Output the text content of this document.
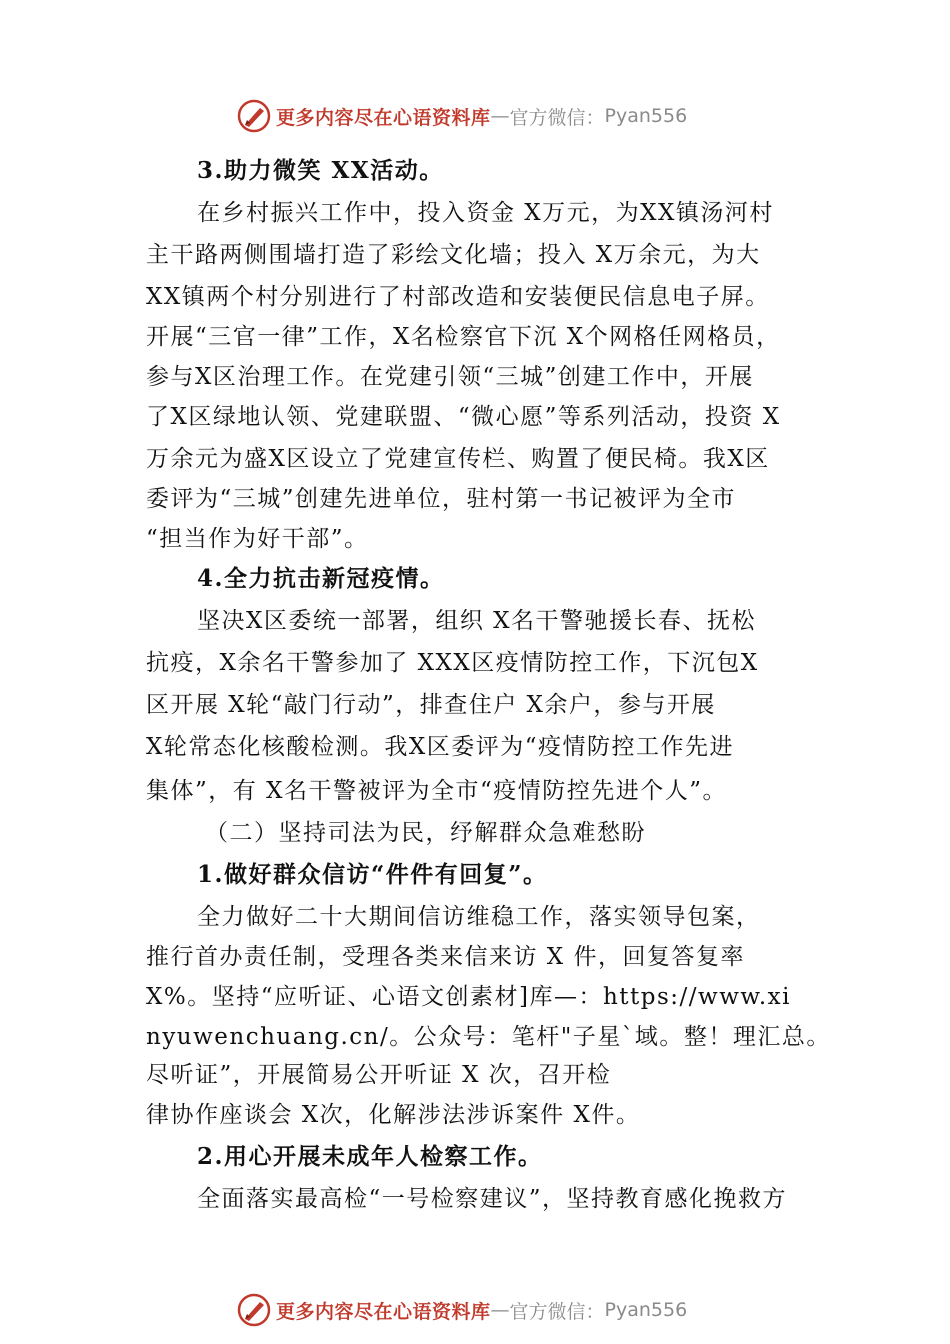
更多内容尽在心语资料库 — 官方微信： Pyan556
3.助力微笑 XX活动。
在乡村振兴工作中，投入资金 X万元，为XX镇汤河村
主干路两侧围墙打造了彩绘文化墙；投入 X万余元，为大
XX镇两个村分别进行了村部改造和安装便民信息电子屏。
开展“三官一律”工作，X名检察官下沉 X个网格任网格员，
参与X区治理工作。在党建引领“三城”创建工作中，开展
了X区绿地认领、党建联盟、“微心愿”等系列活动，投资 X
万余元为盛X区设立了党建宣传栏、购置了便民椅。我X区
委评为“三城”创建先进单位，驻村第一书记被评为全市
“担当作为好干部”。
4.全力抗击新冠疫情。
坚决X区委统一部署，组织 X名干警驰援长春、抚松
抗疫，X余名干警参加了 XXX区疫情防控工作，下沉包X
区开展 X轮“敲门行动”，排查住户 X余户，参与开展
X轮常态化核酸检测。我X区委评为“疫情防控工作先进
集体”，有 X名干警被评为全市“疫情防控先进个人”。
（二）坚持司法为民，纾解群众急难愁盼
1.做好群众信访“件件有回复”。
全力做好二十大期间信访维稳工作，落实领导包案，
推行首办责任制，受理各类来信来访 X 件，回复答复率
X%。坚持“应听证、心语文创素材]库—：https://www.xi
nyuwenchuang.cn/。公众号：笔杆"子星`域。整！理汇总。
尽听证”，开展简易公开听证 X 次，召开检
律协作座谈会 X次，化解涉法涉诉案件 X件。
2.用心开展未成年人检察工作。
全面落实最高检“一号检察建议”，坚持教育感化挽救方
更多内容尽在心语资料库 — 官方微信： Pyan556
